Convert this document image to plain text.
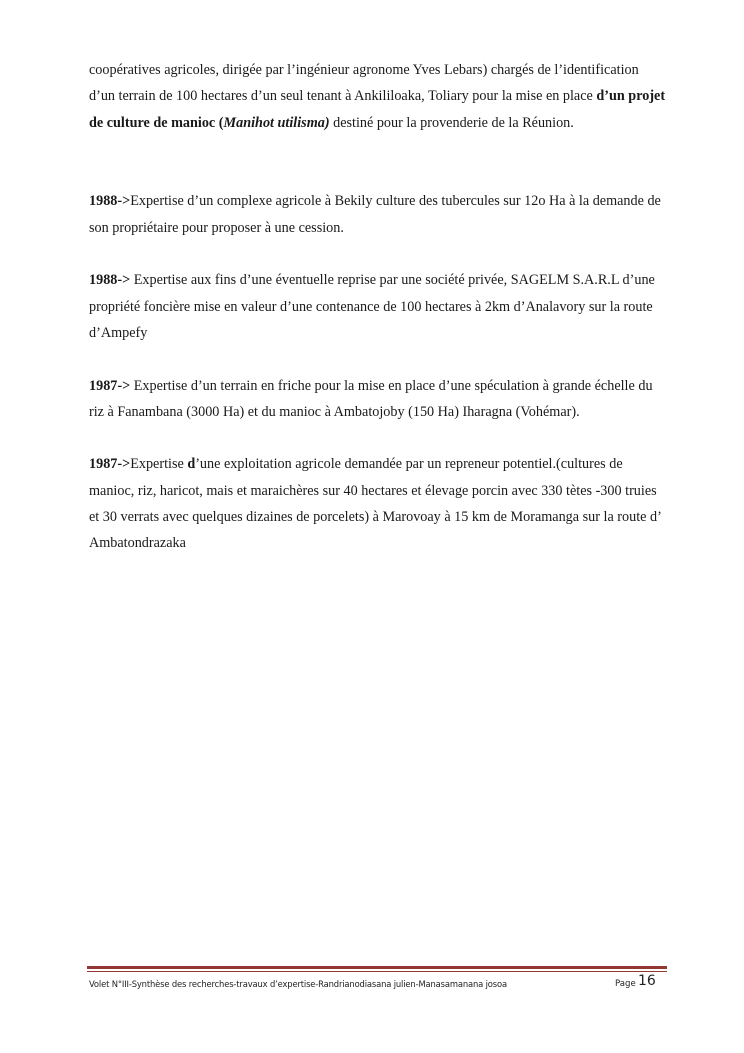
coopératives agricoles, dirigée par l’ingénieur agronome Yves Lebars) chargés de l’identification d’un terrain de 100 hectares d’un seul tenant à Ankililoaka, Toliary pour la mise en place d’un projet de culture de manioc (Manihot utilisma) destiné pour la provenderie de la Réunion.

1988->Expertise d’un complexe agricole à Bekily culture des tubercules sur 12o Ha à la demande de son propriétaire pour proposer à une cession.

1988-> Expertise aux fins d’une éventuelle reprise par une société privée, SAGELM S.A.R.L d’une propriété foncière mise en valeur d’une contenance de 100 hectares à 2km d’Analavory sur la route d’Ampefy

1987-> Expertise d’un terrain en friche pour la mise en place d’une spéculation à grande échelle du riz à Fanambana (3000 Ha) et du manioc à Ambatojoby (150 Ha) Iharagna (Vohémar).

1987->Expertise d’une exploitation agricole demandée par un repreneur potentiel.(cultures de manioc, riz, haricot, mais et maraichères sur 40 hectares et élevage porcin avec 330 tètes -300 truies et 30 verrats avec quelques dizaines de porcelets) à Marovoay à 15 km de Moramanga sur la route d’ Ambatondrazaka

Volet N°III-Synthèse des recherches-travaux d’expertise-Randrianodiasana julien-Manasamanana josoa	Page 16
